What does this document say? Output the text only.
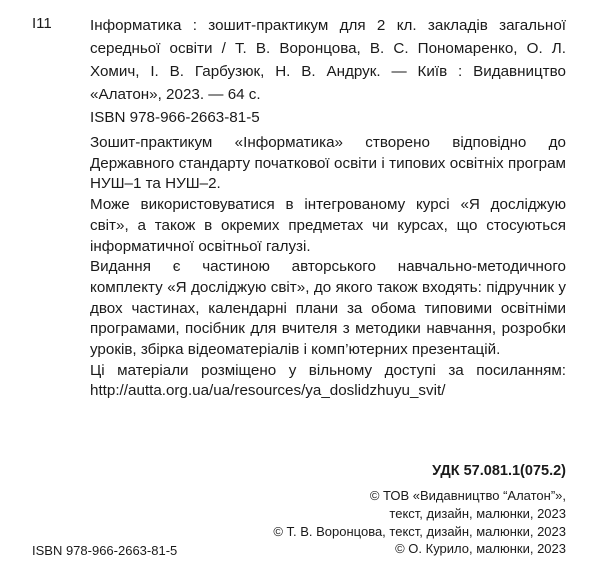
І11	Інформатика : зошит-практикум для 2 кл. закладів загальної середньої освіти / Т. В. Воронцова, В. С. Пономаренко, О. Л. Хомич, І. В. Гарбузюк, Н. В. Андрук. — Київ : Видавництво «Алатон», 2023. — 64 с.

ISBN 978-966-2663-81-5

Зошит-практикум «Інформатика» створено відповідно до Державного стандарту початкової освіти і типових освітніх програм НУШ–1 та НУШ–2.

Може використовуватися в інтегрованому курсі «Я досліджую світ», а також в окремих предметах чи курсах, що стосуються інформатичної освітньої галузі.

Видання є частиною авторського навчально-методичного комплекту «Я досліджую світ», до якого також входять: підручник у двох частинах, календарні плани за обома типовими освітніми програмами, посібник для вчителя з методики навчання, розробки уроків, збірка відеоматеріалів і комп’ютерних презентацій.

Ці матеріали розміщено у вільному доступі за посиланням: http://autta.org.ua/ua/resources/ya_doslidzhuyu_svit/

УДК 57.081.1(075.2)
© ТОВ «Видавництво “Алатон”»,
текст, дизайн, малюнки, 2023
© Т. В. Воронцова, текст, дизайн, малюнки, 2023
© О. Курило, малюнки, 2023
ISBN 978-966-2663-81-5
